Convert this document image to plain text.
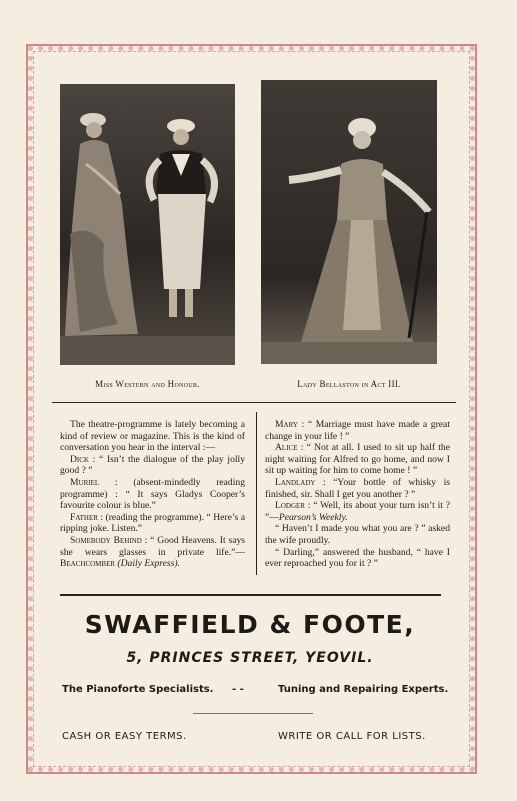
Miss Western and Honour.	Lady Bellaston in Act III.

The theatre-programme is lately becoming a kind of review or magazine. This is the kind of conversation you hear in the interval :—

Dick : “ Isn’t the dialogue of the play jolly good ? ”

Muriel : (absent-mindedly reading programme) : “ It says Gladys Cooper’s favourite colour is blue.”

Father : (reading the programme). “ Here’s a ripping joke. Listen.”

Somebody Behind : “ Good Heavens. It says she wears glasses in private life.”—Beachcomber (Daily Express).

Mary : “ Marriage must have made a great change in your life ! ”

Alice : “ Not at all. I used to sit up half the night waiting for Alfred to go home, and now I sit up waiting for him to come home ! ”

Landlady : “Your bottle of whisky is finished, sir. Shall I get you another ? ”

Lodger : “ Well, its about your turn isn’t it ? ”—Pearson’s Weekly.

“ Haven’t I made you what you are ? ” asked the wife proudly.

“ Darling,” answered the husband, “ have I ever reproached you for it ? ”

SWAFFIELD & FOOTE,
5, PRINCES STREET, YEOVIL.
The Pianoforte Specialists. - -	Tuning and Repairing Experts.
CASH OR EASY TERMS.	WRITE OR CALL FOR LISTS.
